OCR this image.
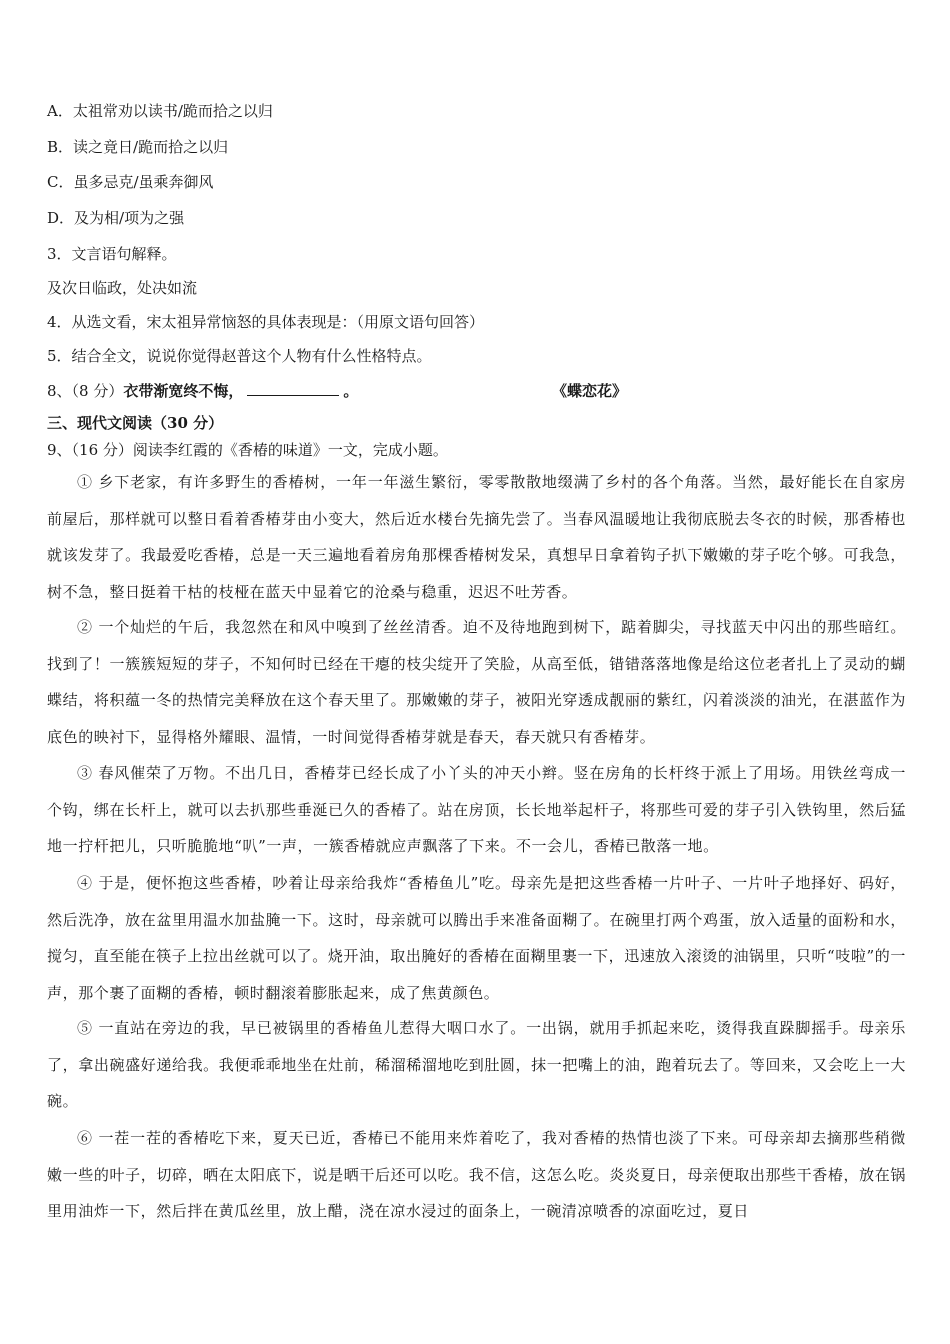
A．太祖常劝以读书/跪而拾之以归
B．读之竟日/跪而拾之以归
C．虽多忌克/虽乘奔御风
D．及为相/项为之强
3．文言语句解释。
及次日临政，处决如流
4．从选文看，宋太祖异常恼怒的具体表现是：（用原文语句回答）
5．结合全文，说说你觉得赵普这个人物有什么性格特点。
8、（8 分）衣带渐宽终不悔，	。	《蝶恋花》
三、现代文阅读（30 分）
9、（16 分）阅读李红霞的《香椿的味道》一文，完成小题。

① 乡下老家，有许多野生的香椿树，一年一年滋生繁衍，零零散散地缀满了乡村的各个角落。当然，最好能长在自家房前屋后，那样就可以整日看着香椿芽由小变大，然后近水楼台先摘先尝了。当春风温暖地让我彻底脱去冬衣的时候，那香椿也就该发芽了。我最爱吃香椿，总是一天三遍地看着房角那棵香椿树发呆，真想早日拿着钩子扒下嫩嫩的芽子吃个够。可我急，树不急，整日挺着干枯的枝桠在蓝天中显着它的沧桑与稳重，迟迟不吐芳香。

② 一个灿烂的午后，我忽然在和风中嗅到了丝丝清香。迫不及待地跑到树下，踮着脚尖，寻找蓝天中闪出的那些暗红。找到了！一簇簇短短的芽子，不知何时已经在干瘪的枝尖绽开了笑脸，从高至低，错错落落地像是给这位老者扎上了灵动的蝴蝶结，将积蕴一冬的热情完美释放在这个春天里了。那嫩嫩的芽子，被阳光穿透成靓丽的紫红，闪着淡淡的油光，在湛蓝作为底色的映衬下，显得格外耀眼、温情，一时间觉得香椿芽就是春天，春天就只有香椿芽。

③ 春风催荣了万物。不出几日，香椿芽已经长成了小丫头的冲天小辫。竖在房角的长杆终于派上了用场。用铁丝弯成一个钩，绑在长杆上，就可以去扒那些垂涎已久的香椿了。站在房顶，长长地举起杆子，将那些可爱的芽子引入铁钩里，然后猛地一拧杆把儿，只听脆脆地“叭”一声，一簇香椿就应声飘落了下来。不一会儿，香椿已散落一地。

④ 于是，便怀抱这些香椿，吵着让母亲给我炸“香椿鱼儿”吃。母亲先是把这些香椿一片叶子、一片叶子地择好、码好，然后洗净，放在盆里用温水加盐腌一下。这时，母亲就可以腾出手来准备面糊了。在碗里打两个鸡蛋，放入适量的面粉和水，搅匀，直至能在筷子上拉出丝就可以了。烧开油，取出腌好的香椿在面糊里裹一下，迅速放入滚烫的油锅里，只听“吱啦”的一声，那个裹了面糊的香椿，顿时翻滚着膨胀起来，成了焦黄颜色。

⑤ 一直站在旁边的我，早已被锅里的香椿鱼儿惹得大咽口水了。一出锅，就用手抓起来吃，烫得我直跺脚摇手。母亲乐了，拿出碗盛好递给我。我便乖乖地坐在灶前，稀溜稀溜地吃到肚圆，抹一把嘴上的油，跑着玩去了。等回来，又会吃上一大碗。

⑥ 一茬一茬的香椿吃下来，夏天已近，香椿已不能用来炸着吃了，我对香椿的热情也淡了下来。可母亲却去摘那些稍微嫩一些的叶子，切碎，晒在太阳底下，说是晒干后还可以吃。我不信，这怎么吃。炎炎夏日，母亲便取出那些干香椿，放在锅里用油炸一下，然后拌在黄瓜丝里，放上醋，浇在凉水浸过的面条上，一碗清凉喷香的凉面吃过，夏日
